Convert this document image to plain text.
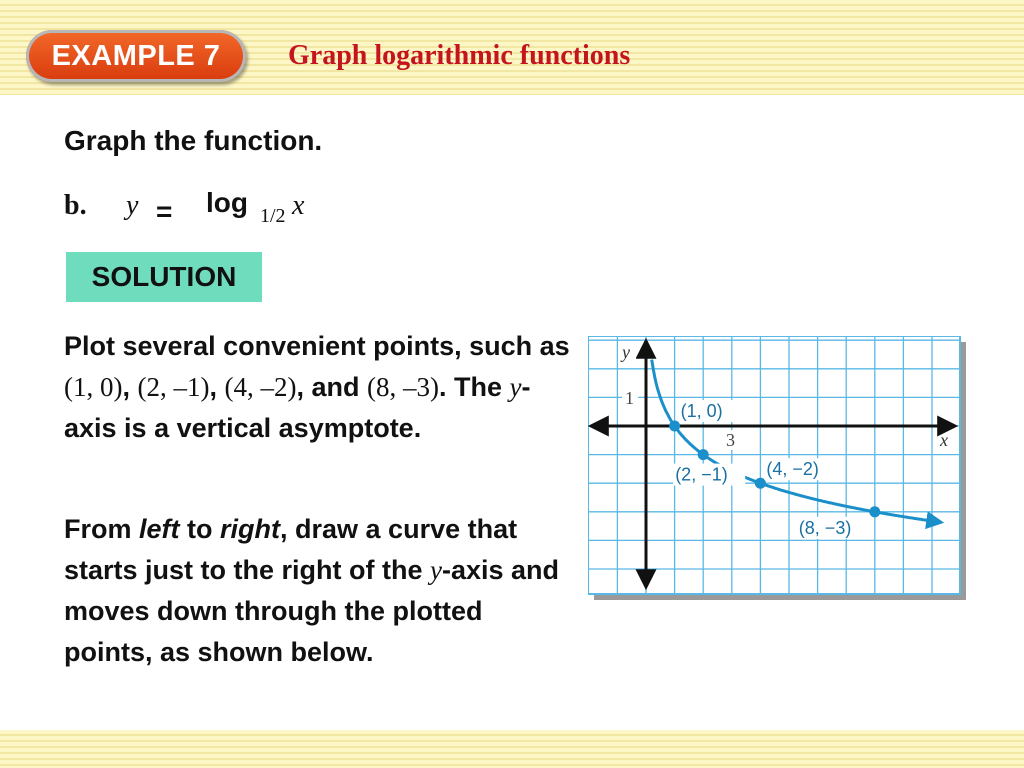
EXAMPLE 7 Graph logarithmic functions
Graph the function.
b. y = log 1/2 x
SOLUTION
Plot several convenient points, such as (1, 0), (2, –1), (4, –2), and (8, –3). The y-axis is a vertical asymptote.
From left to right, draw a curve that starts just to the right of the y-axis and moves down through the plotted points, as shown below.
y
x
1
3
(1, 0)
(2, −1) (4, −2)
(8, −3)
